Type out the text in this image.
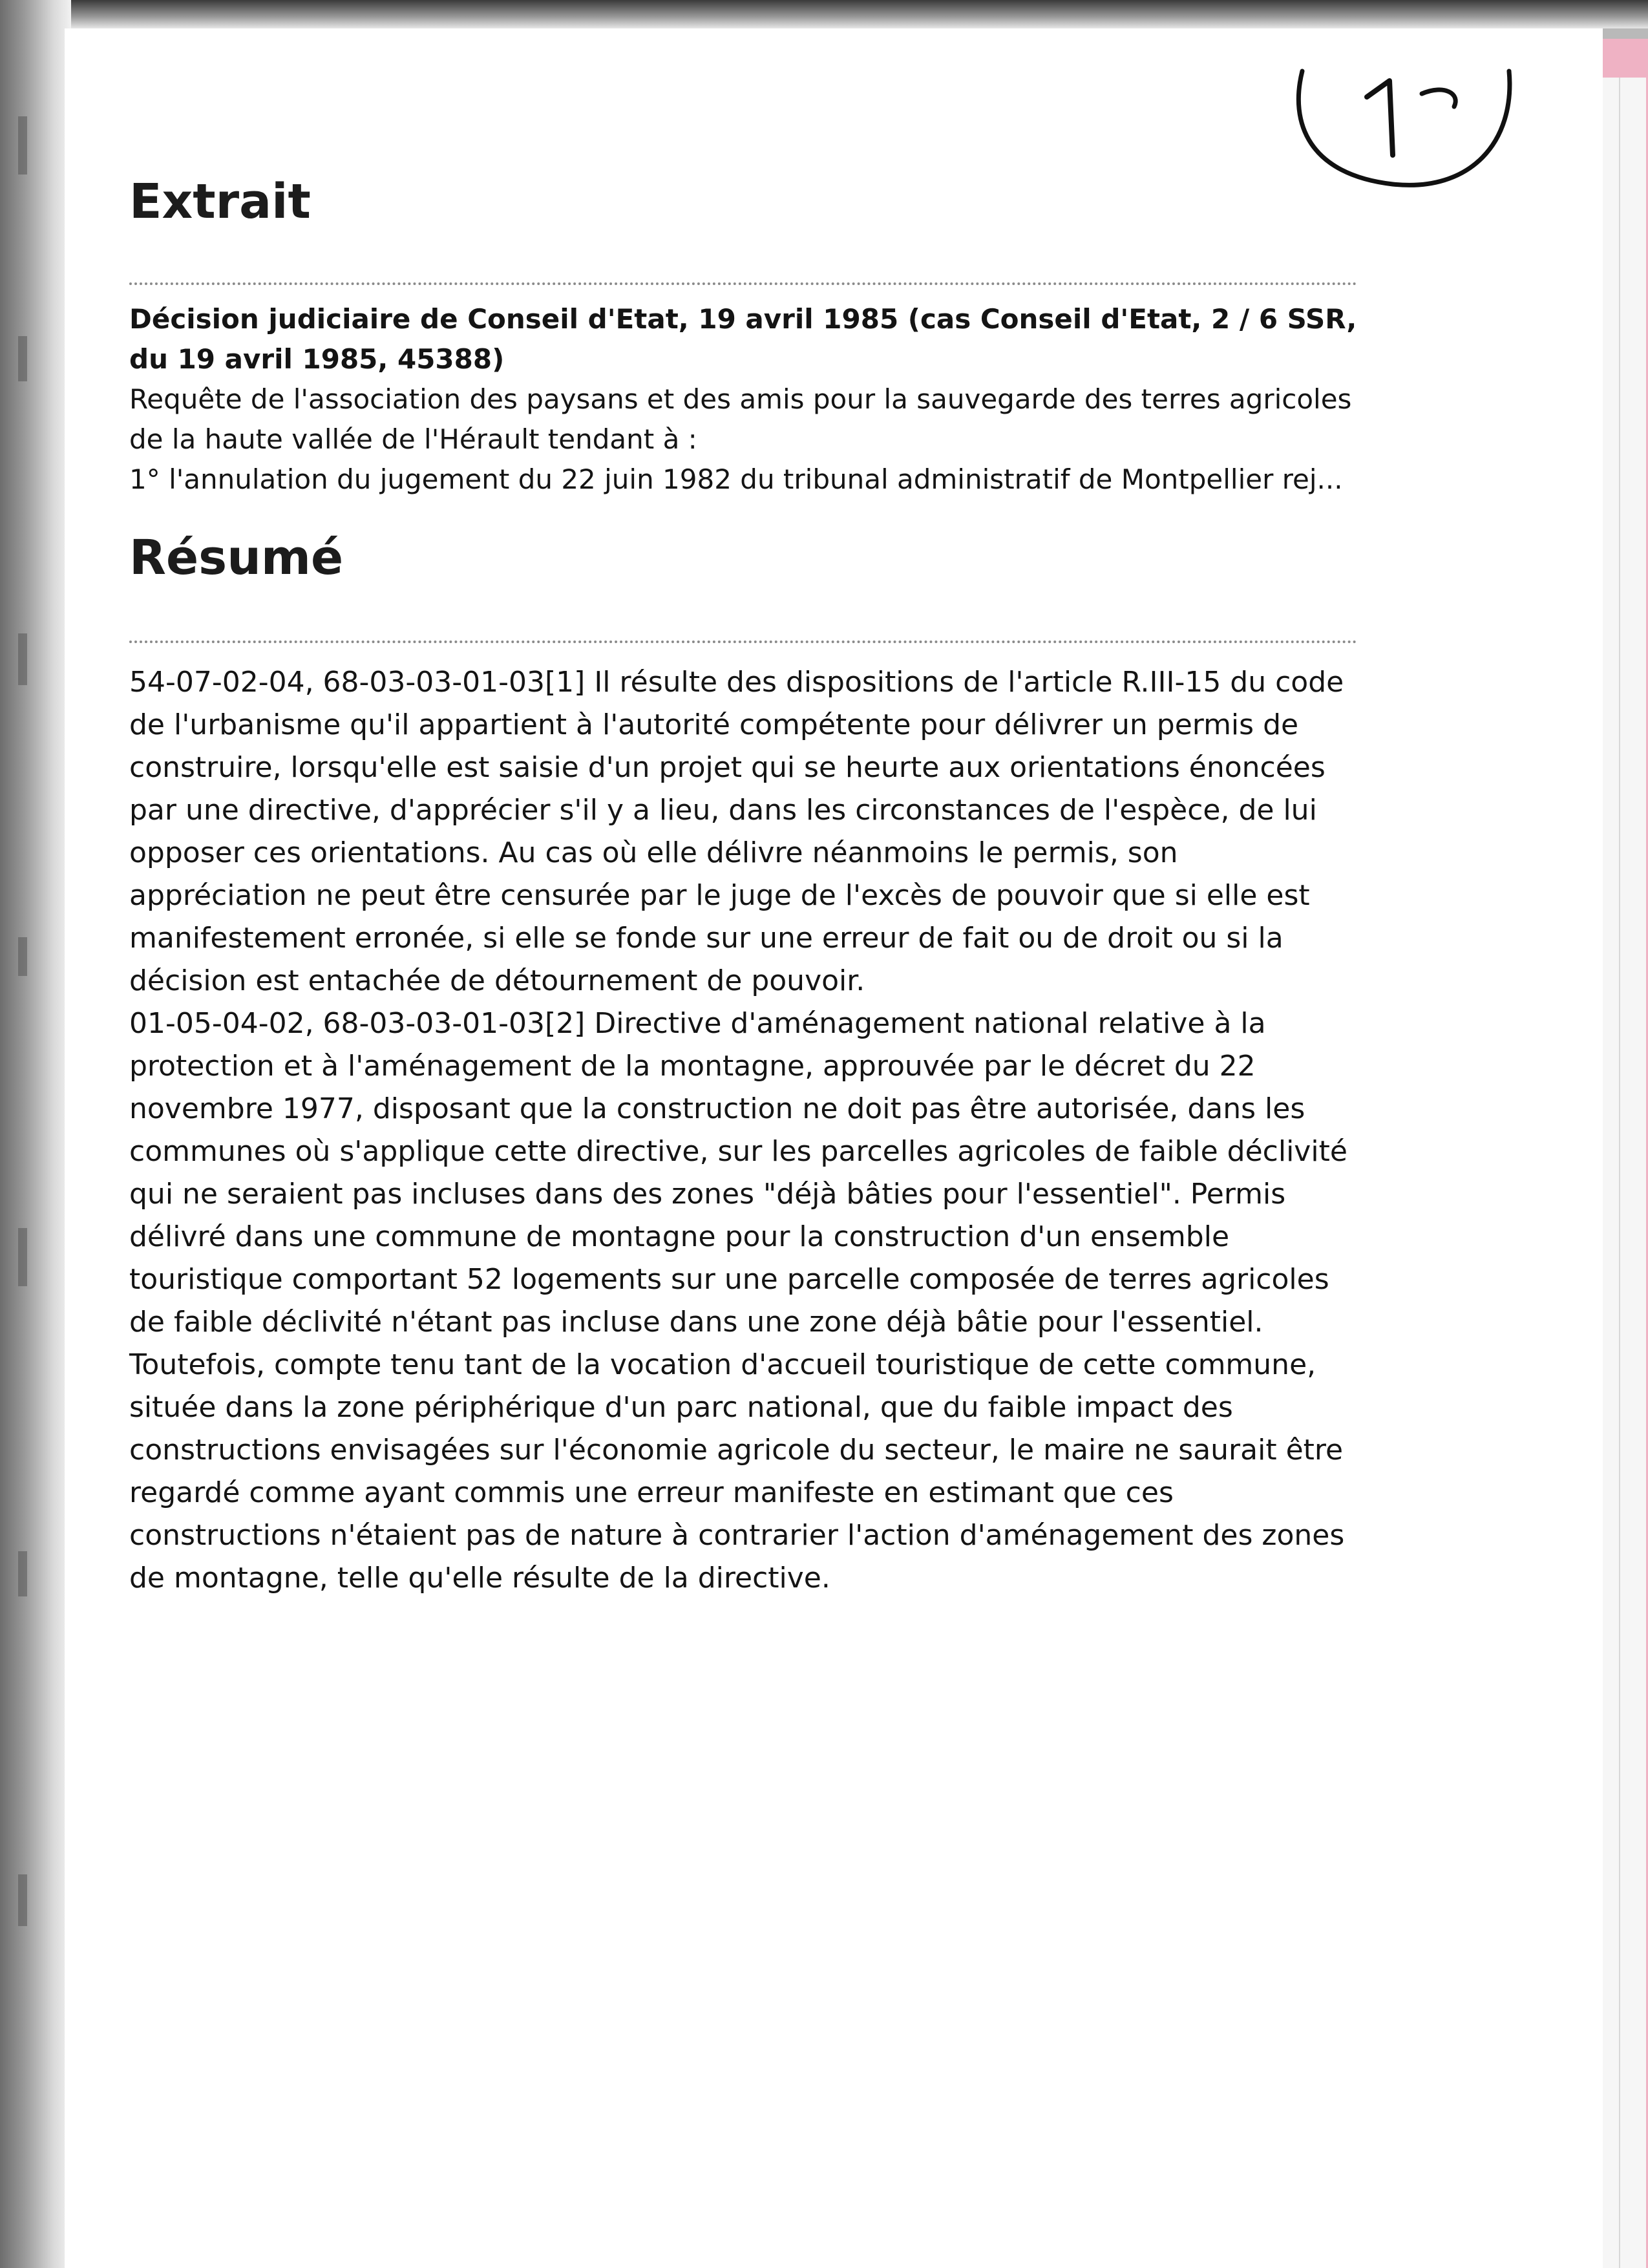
1
Extrait

Décision judiciaire de Conseil d'Etat, 19 avril 1985 (cas Conseil d'Etat, 2 / 6 SSR, du 19 avril 1985, 45388)

Requête de l'association des paysans et des amis pour la sauvegarde des terres agricoles de la haute vallée de l'Hérault tendant à :

1° l'annulation du jugement du 22 juin 1982 du tribunal administratif de Montpellier rej...

Résumé

54-07-02-04, 68-03-03-01-03[1] Il résulte des dispositions de l'article R.III-15 du code de l'urbanisme qu'il appartient à l'autorité compétente pour délivrer un permis de construire, lorsqu'elle est saisie d'un projet qui se heurte aux orientations énoncées par une directive, d'apprécier s'il y a lieu, dans les circonstances de l'espèce, de lui opposer ces orientations. Au cas où elle délivre néanmoins le permis, son appréciation ne peut être censurée par le juge de l'excès de pouvoir que si elle est manifestement erronée, si elle se fonde sur une erreur de fait ou de droit ou si la décision est entachée de détournement de pouvoir.

01-05-04-02, 68-03-03-01-03[2] Directive d'aménagement national relative à la protection et à l'aménagement de la montagne, approuvée par le décret du 22 novembre 1977, disposant que la construction ne doit pas être autorisée, dans les communes où s'applique cette directive, sur les parcelles agricoles de faible déclivité qui ne seraient pas incluses dans des zones "déjà bâties pour l'essentiel". Permis délivré dans une commune de montagne pour la construction d'un ensemble touristique comportant 52 logements sur une parcelle composée de terres agricoles de faible déclivité n'étant pas incluse dans une zone déjà bâtie pour l'essentiel. Toutefois, compte tenu tant de la vocation d'accueil touristique de cette commune, située dans la zone périphérique d'un parc national, que du faible impact des constructions envisagées sur l'économie agricole du secteur, le maire ne saurait être regardé comme ayant commis une erreur manifeste en estimant que ces constructions n'étaient pas de nature à contrarier l'action d'aménagement des zones de montagne, telle qu'elle résulte de la directive.
